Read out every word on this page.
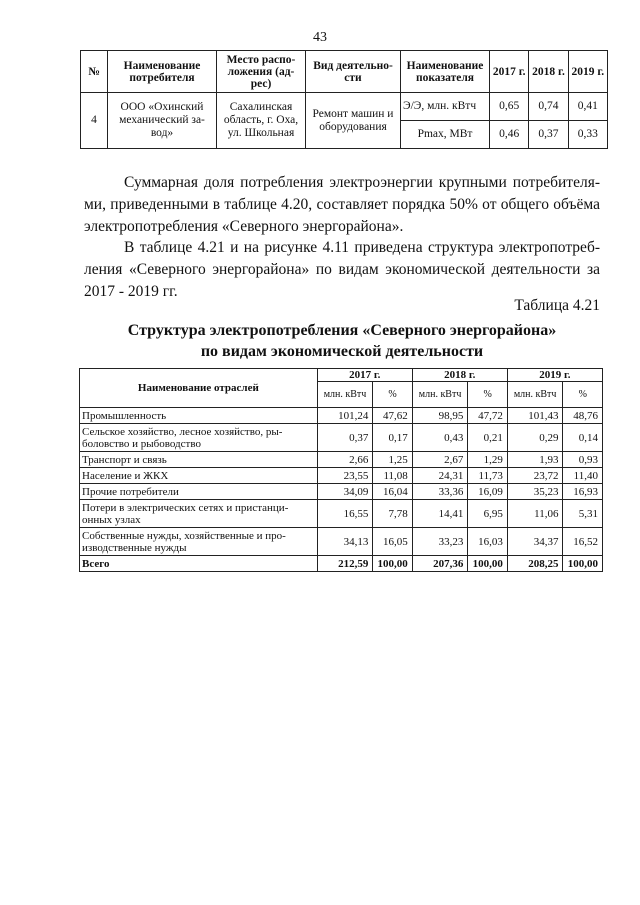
43
№	Наименование потребителя	Место распо-ложения (ад-рес)	Вид деятельно-сти	Наименование показателя	2017 г.	2018 г.	2019 г.
4	ООО «Охинский механический за-вод»	Сахалинская область, г. Оха, ул. Школьная	Ремонт машин и оборудования	Э/Э, млн. кВтч	0,65	0,74	0,41
				Pmax, МВт	0,46	0,37	0,33
Суммарная доля потребления электроэнергии крупными потребителя-ми, приведенными в таблице 4.20, составляет порядка 50% от общего объёма электропотребления «Северного энергорайона».
В таблице 4.21 и на рисунке 4.11 приведена структура электропотреб-ления «Северного энергорайона» по видам экономической деятельности за 2017 - 2019 гг.
Таблица 4.21
Структура электропотребления «Северного энергорайона»
по видам экономической деятельности
Наименование отраслей	2017 г.		2018 г.		2019 г.	
	млн. кВтч	%	млн. кВтч	%	млн. кВтч	%
Промышленность	101,24	47,62	98,95	47,72	101,43	48,76
Сельское хозяйство, лесное хозяйство, ры-боловство и рыбоводство	0,37	0,17	0,43	0,21	0,29	0,14
Транспорт и связь	2,66	1,25	2,67	1,29	1,93	0,93
Население и ЖКХ	23,55	11,08	24,31	11,73	23,72	11,40
Прочие потребители	34,09	16,04	33,36	16,09	35,23	16,93
Потери в электрических сетях и пристанци-онных узлах	16,55	7,78	14,41	6,95	11,06	5,31
Собственные нужды, хозяйственные и про-изводственные нужды	34,13	16,05	33,23	16,03	34,37	16,52
Всего	212,59	100,00	207,36	100,00	208,25	100,00
